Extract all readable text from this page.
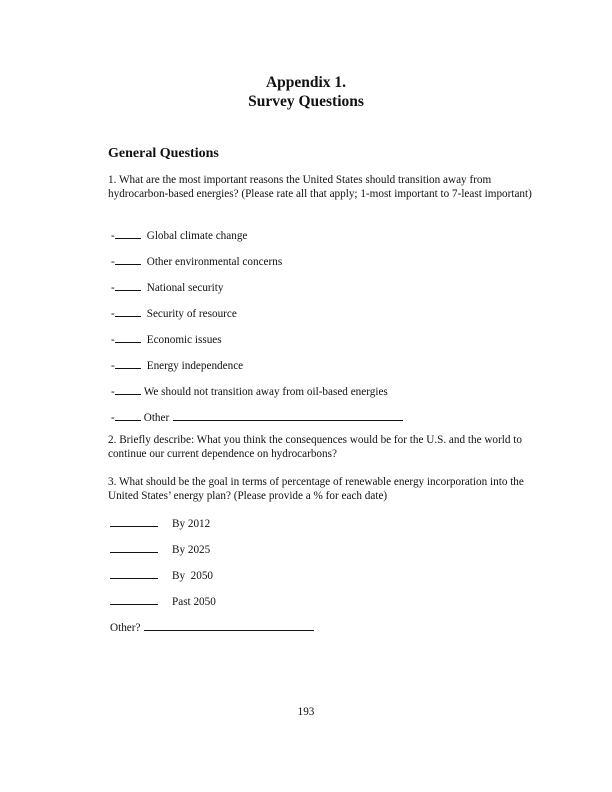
Appendix 1.
Survey Questions
General Questions
1. What are the most important reasons the United States should transition away from hydrocarbon-based energies? (Please rate all that apply; 1-most important to 7-least important)
-	Global climate change
-	Other environmental concerns
-	National security
-	Security of resource
-	Economic issues
-	Energy independence
-	We should not transition away from oil-based energies
-	Other
2. Briefly describe: What you think the consequences would be for the U.S. and the world to continue our current dependence on hydrocarbons?
3. What should be the goal in terms of percentage of renewable energy incorporation into the United States’ energy plan? (Please provide a % for each date)
By 2012
By 2025
By  2050
Past 2050
Other?
193
